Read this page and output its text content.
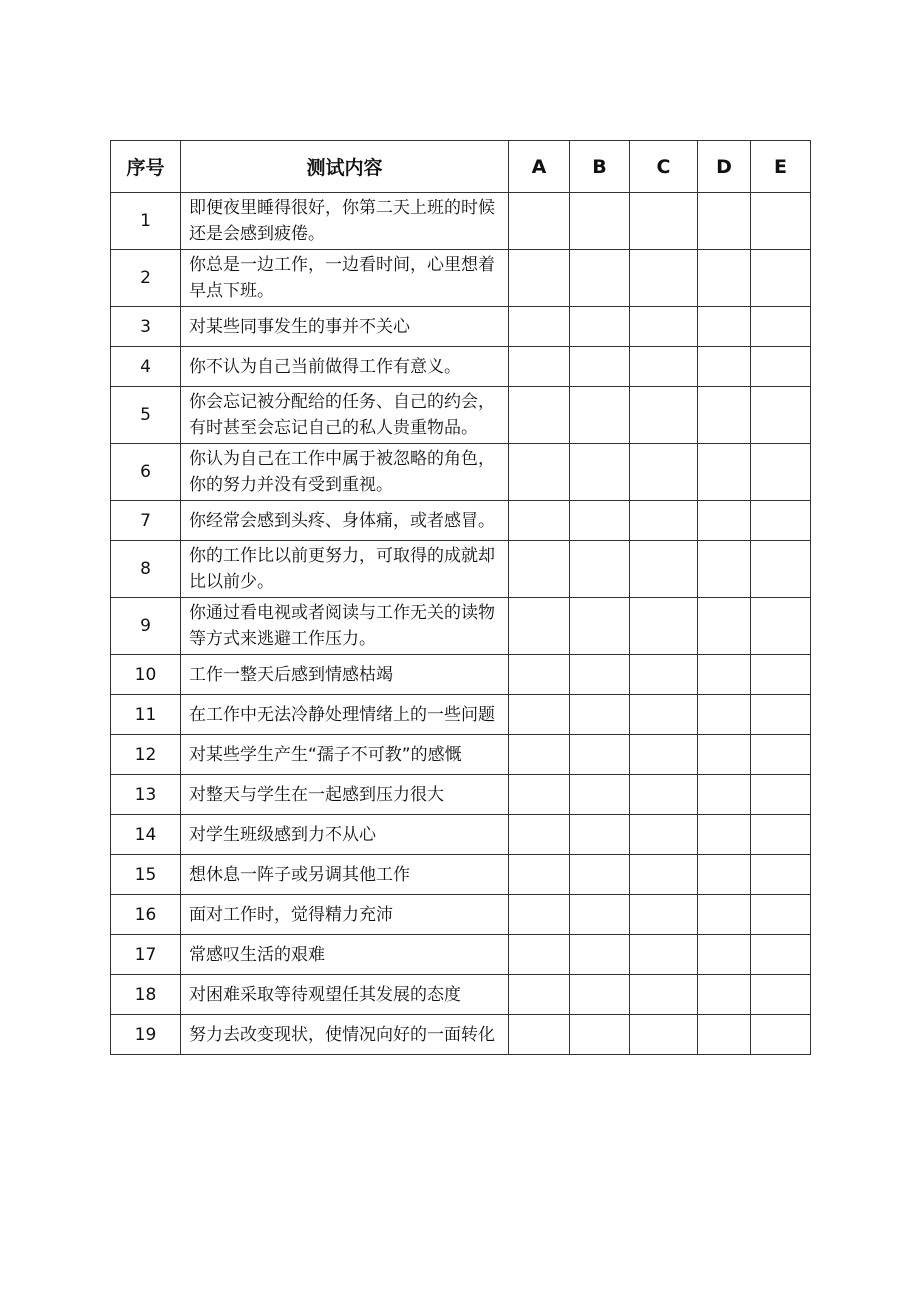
序号	测试内容	A	B	C	D	E
1	即便夜里睡得很好，你第二天上班的时候还是会感到疲倦。					
2	你总是一边工作，一边看时间，心里想着早点下班。					
3	对某些同事发生的事并不关心					
4	你不认为自己当前做得工作有意义。					
5	你会忘记被分配给的任务、自己的约会，有时甚至会忘记自己的私人贵重物品。					
6	你认为自己在工作中属于被忽略的角色，你的努力并没有受到重视。					
7	你经常会感到头疼、身体痛，或者感冒。					
8	你的工作比以前更努力，可取得的成就却比以前少。					
9	你通过看电视或者阅读与工作无关的读物等方式来逃避工作压力。					
10	工作一整天后感到情感枯竭					
11	在工作中无法冷静处理情绪上的一些问题					
12	对某些学生产生“孺子不可教”的感慨					
13	对整天与学生在一起感到压力很大					
14	对学生班级感到力不从心					
15	想休息一阵子或另调其他工作					
16	面对工作时，觉得精力充沛					
17	常感叹生活的艰难					
18	对困难采取等待观望任其发展的态度					
19	努力去改变现状，使情况向好的一面转化					
